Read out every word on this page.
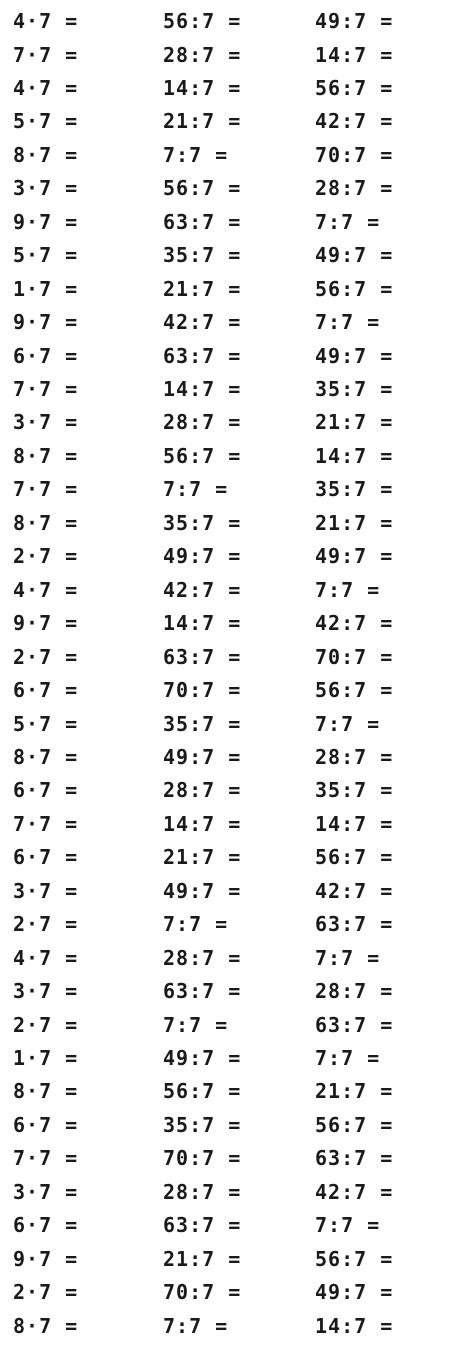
4·7 =	56:7 =	49:7 =
7·7 =	28:7 =	14:7 =
4·7 =	14:7 =	56:7 =
5·7 =	21:7 =	42:7 =
8·7 =	7:7 =	70:7 =
3·7 =	56:7 =	28:7 =
9·7 =	63:7 =	7:7 =
5·7 =	35:7 =	49:7 =
1·7 =	21:7 =	56:7 =
9·7 =	42:7 =	7:7 =
6·7 =	63:7 =	49:7 =
7·7 =	14:7 =	35:7 =
3·7 =	28:7 =	21:7 =
8·7 =	56:7 =	14:7 =
7·7 =	7:7 =	35:7 =
8·7 =	35:7 =	21:7 =
2·7 =	49:7 =	49:7 =
4·7 =	42:7 =	7:7 =
9·7 =	14:7 =	42:7 =
2·7 =	63:7 =	70:7 =
6·7 =	70:7 =	56:7 =
5·7 =	35:7 =	7:7 =
8·7 =	49:7 =	28:7 =
6·7 =	28:7 =	35:7 =
7·7 =	14:7 =	14:7 =
6·7 =	21:7 =	56:7 =
3·7 =	49:7 =	42:7 =
2·7 =	7:7 =	63:7 =
4·7 =	28:7 =	7:7 =
3·7 =	63:7 =	28:7 =
2·7 =	7:7 =	63:7 =
1·7 =	49:7 =	7:7 =
8·7 =	56:7 =	21:7 =
6·7 =	35:7 =	56:7 =
7·7 =	70:7 =	63:7 =
3·7 =	28:7 =	42:7 =
6·7 =	63:7 =	7:7 =
9·7 =	21:7 =	56:7 =
2·7 =	70:7 =	49:7 =
8·7 =	7:7 =	14:7 =
